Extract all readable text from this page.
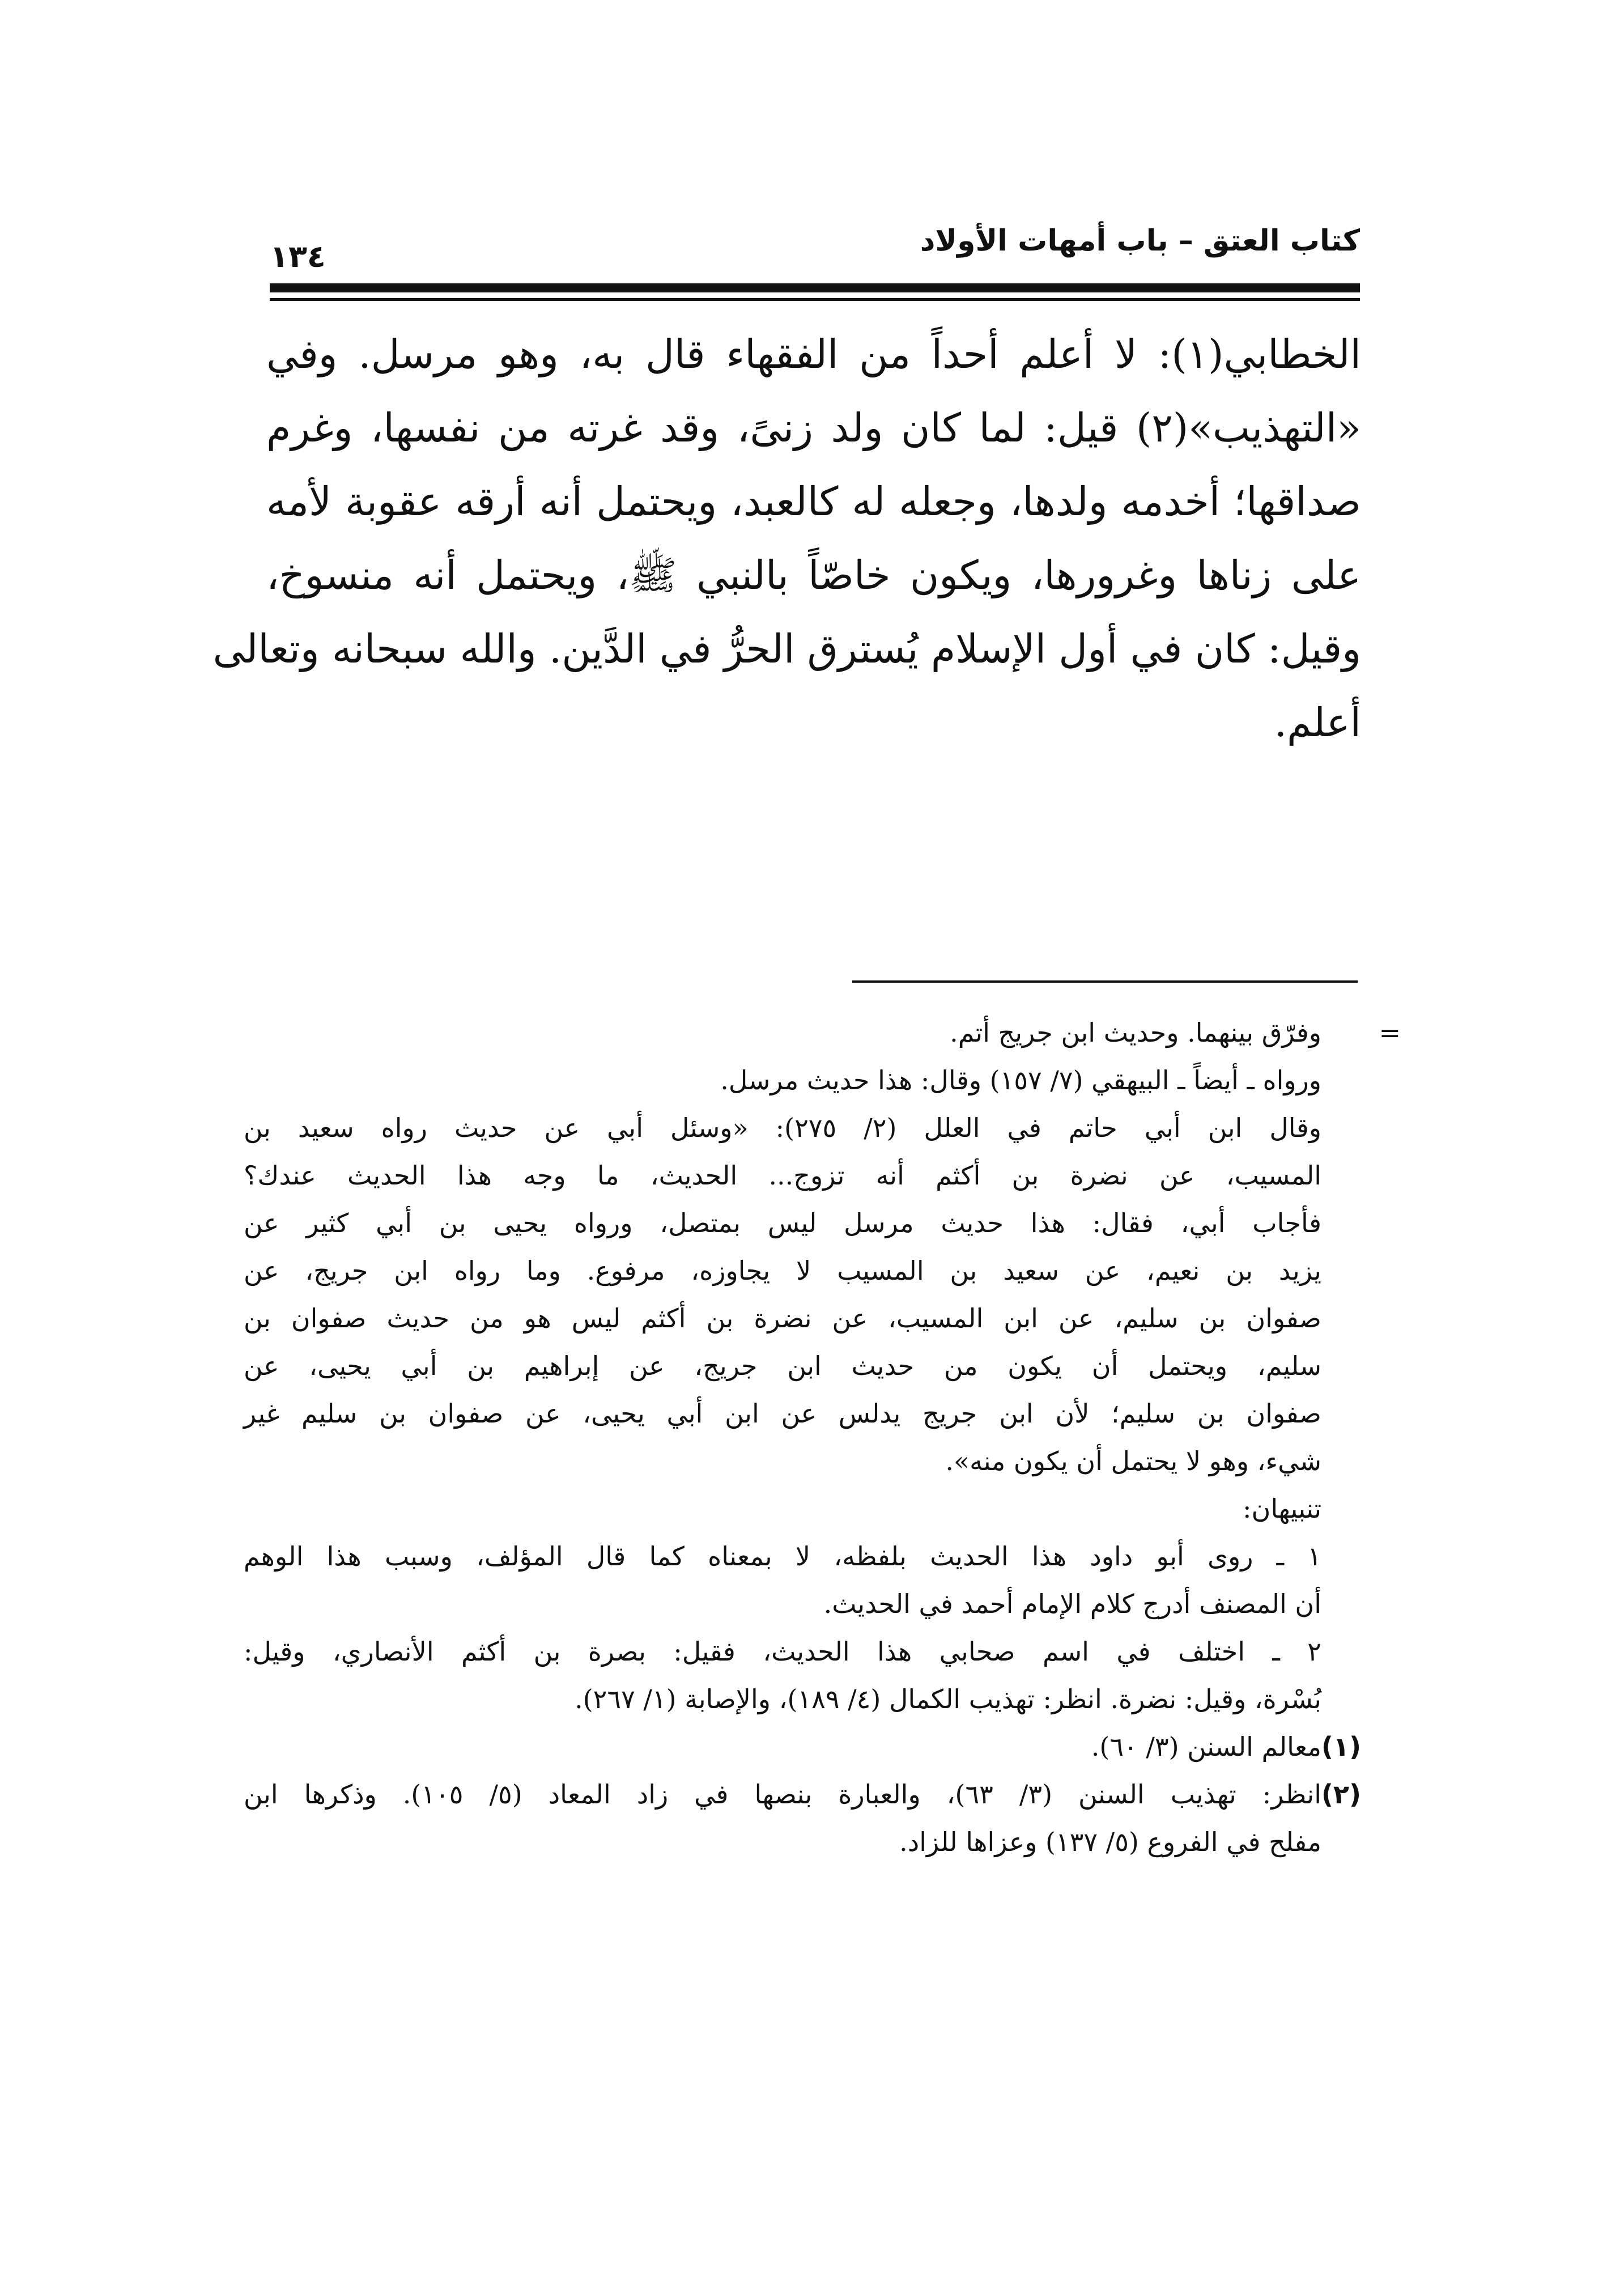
كتاب العتق – باب أمهات الأولاد
١٣٤
الخطابي(١): لا أعلم أحداً من الفقهاء قال به، وهو مرسل. وفي
«التهذيب»(٢) قيل: لما كان ولد زنىً، وقد غرته من نفسها، وغرم
صداقها؛ أخدمه ولدها، وجعله له كالعبد، ويحتمل أنه أرقه عقوبة لأمه
على زناها وغرورها، ويكون خاصّاً بالنبي ﷺ، ويحتمل أنه منسوخ،
وقيل: كان في أول الإسلام يُسترق الحرُّ في الدَّين. والله سبحانه وتعالى
أعلم.
=
وفرّق بينهما. وحديث ابن جريج أتم.
ورواه ـ أيضاً ـ البيهقي (٧/ ١٥٧) وقال: هذا حديث مرسل.
وقال ابن أبي حاتم في العلل (٢/ ٢٧٥): «وسئل أبي عن حديث رواه سعيد بن
المسيب، عن نضرة بن أكثم أنه تزوج... الحديث، ما وجه هذا الحديث عندك؟
فأجاب أبي، فقال: هذا حديث مرسل ليس بمتصل، ورواه يحيى بن أبي كثير عن
يزيد بن نعيم، عن سعيد بن المسيب لا يجاوزه، مرفوع. وما رواه ابن جريج، عن
صفوان بن سليم، عن ابن المسيب، عن نضرة بن أكثم ليس هو من حديث صفوان بن
سليم، ويحتمل أن يكون من حديث ابن جريج، عن إبراهيم بن أبي يحيى، عن
صفوان بن سليم؛ لأن ابن جريج يدلس عن ابن أبي يحيى، عن صفوان بن سليم غير
شيء، وهو لا يحتمل أن يكون منه».
تنبيهان:
١ ـ روى أبو داود هذا الحديث بلفظه، لا بمعناه كما قال المؤلف، وسبب هذا الوهم
أن المصنف أدرج كلام الإمام أحمد في الحديث.
٢ ـ اختلف في اسم صحابي هذا الحديث، فقيل: بصرة بن أكثم الأنصاري، وقيل:
بُسْرة، وقيل: نضرة. انظر: تهذيب الكمال (٤/ ١٨٩)، والإصابة (١/ ٢٦٧).
(١)معالم السنن (٣/ ٦٠).
(٢)انظر: تهذيب السنن (٣/ ٦٣)، والعبارة بنصها في زاد المعاد (٥/ ١٠٥). وذكرها ابن
مفلح في الفروع (٥/ ١٣٧) وعزاها للزاد.
